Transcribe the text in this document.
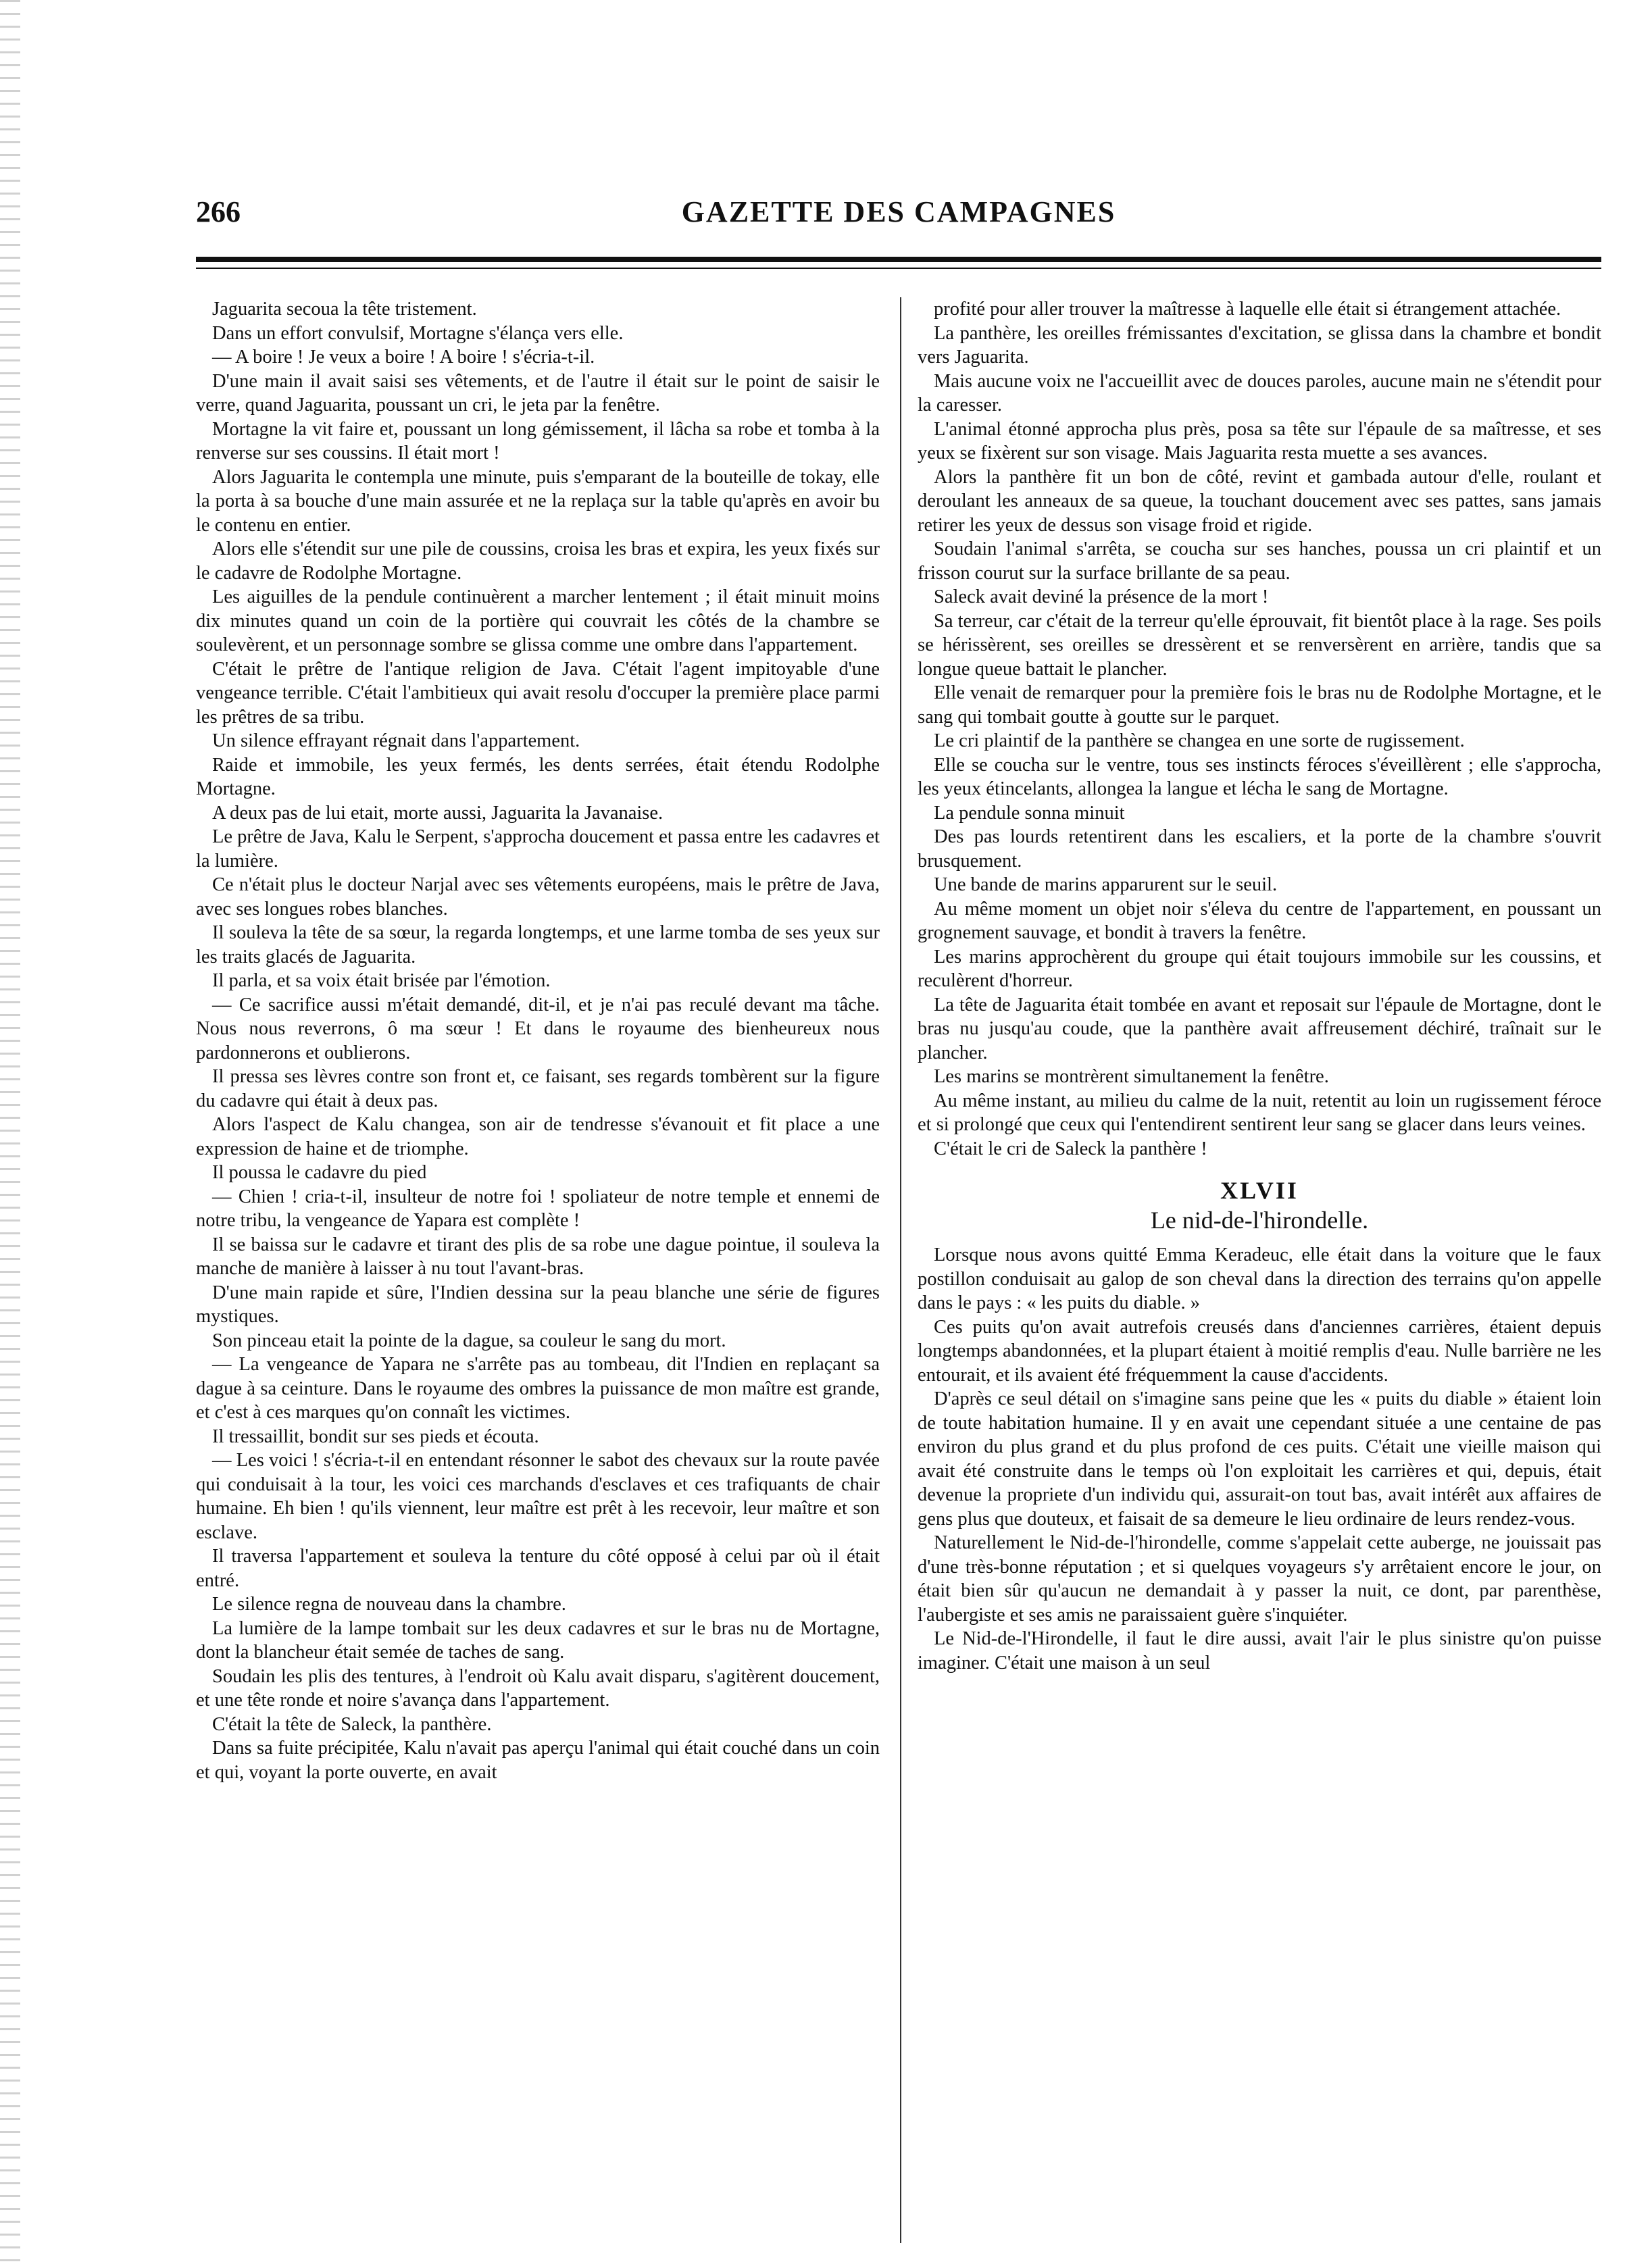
266	GAZETTE DES CAMPAGNES

Jaguarita secoua la tête tristement.

Dans un effort convulsif, Mortagne s'élança vers elle.

— A boire ! Je veux a boire ! A boire ! s'écria-t-il.

D'une main il avait saisi ses vêtements, et de l'autre il était sur le point de saisir le verre, quand Jaguarita, poussant un cri, le jeta par la fenêtre.

Mortagne la vit faire et, poussant un long gémissement, il lâcha sa robe et tomba à la renverse sur ses coussins. Il était mort !

Alors Jaguarita le contempla une minute, puis s'emparant de la bouteille de tokay, elle la porta à sa bouche d'une main assurée et ne la replaça sur la table qu'après en avoir bu le contenu en entier.

Alors elle s'étendit sur une pile de coussins, croisa les bras et expira, les yeux fixés sur le cadavre de Rodolphe Mortagne.

Les aiguilles de la pendule continuèrent a marcher lentement ; il était minuit moins dix minutes quand un coin de la portière qui couvrait les côtés de la chambre se soulevèrent, et un personnage sombre se glissa comme une ombre dans l'appartement.

C'était le prêtre de l'antique religion de Java. C'était l'agent impitoyable d'une vengeance terrible. C'était l'ambitieux qui avait resolu d'occuper la première place parmi les prêtres de sa tribu.

Un silence effrayant régnait dans l'appartement.

Raide et immobile, les yeux fermés, les dents serrées, était étendu Rodolphe Mortagne.

A deux pas de lui etait, morte aussi, Jaguarita la Javanaise.

Le prêtre de Java, Kalu le Serpent, s'approcha doucement et passa entre les cadavres et la lumière.

Ce n'était plus le docteur Narjal avec ses vêtements européens, mais le prêtre de Java, avec ses longues robes blanches.

Il souleva la tête de sa sœur, la regarda longtemps, et une larme tomba de ses yeux sur les traits glacés de Jaguarita.

Il parla, et sa voix était brisée par l'émotion.

— Ce sacrifice aussi m'était demandé, dit-il, et je n'ai pas reculé devant ma tâche. Nous nous reverrons, ô ma sœur ! Et dans le royaume des bienheureux nous pardonnerons et oublierons.

Il pressa ses lèvres contre son front et, ce faisant, ses regards tombèrent sur la figure du cadavre qui était à deux pas.

Alors l'aspect de Kalu changea, son air de tendresse s'évanouit et fit place a une expression de haine et de triomphe.

Il poussa le cadavre du pied

— Chien ! cria-t-il, insulteur de notre foi ! spoliateur de notre temple et ennemi de notre tribu, la vengeance de Yapara est complète !

Il se baissa sur le cadavre et tirant des plis de sa robe une dague pointue, il souleva la manche de manière à laisser à nu tout l'avant-bras.

D'une main rapide et sûre, l'Indien dessina sur la peau blanche une série de figures mystiques.

Son pinceau etait la pointe de la dague, sa couleur le sang du mort.

— La vengeance de Yapara ne s'arrête pas au tombeau, dit l'Indien en replaçant sa dague à sa ceinture. Dans le royaume des ombres la puissance de mon maître est grande, et c'est à ces marques qu'on connaît les victimes.

Il tressaillit, bondit sur ses pieds et écouta.

— Les voici ! s'écria-t-il en entendant résonner le sabot des chevaux sur la route pavée qui conduisait à la tour, les voici ces marchands d'esclaves et ces trafiquants de chair humaine. Eh bien ! qu'ils viennent, leur maître est prêt à les recevoir, leur maître et son esclave.

Il traversa l'appartement et souleva la tenture du côté opposé à celui par où il était entré.

Le silence regna de nouveau dans la chambre.

La lumière de la lampe tombait sur les deux cadavres et sur le bras nu de Mortagne, dont la blancheur était semée de taches de sang.

Soudain les plis des tentures, à l'endroit où Kalu avait disparu, s'agitèrent doucement, et une tête ronde et noire s'avança dans l'appartement.

C'était la tête de Saleck, la panthère.

Dans sa fuite précipitée, Kalu n'avait pas aperçu l'animal qui était couché dans un coin et qui, voyant la porte ouverte, en avait

profité pour aller trouver la maîtresse à laquelle elle était si étrangement attachée.

La panthère, les oreilles frémissantes d'excitation, se glissa dans la chambre et bondit vers Jaguarita.

Mais aucune voix ne l'accueillit avec de douces paroles, aucune main ne s'étendit pour la caresser.

L'animal étonné approcha plus près, posa sa tête sur l'épaule de sa maîtresse, et ses yeux se fixèrent sur son visage. Mais Jaguarita resta muette a ses avances.

Alors la panthère fit un bon de côté, revint et gambada autour d'elle, roulant et deroulant les anneaux de sa queue, la touchant doucement avec ses pattes, sans jamais retirer les yeux de dessus son visage froid et rigide.

Soudain l'animal s'arrêta, se coucha sur ses hanches, poussa un cri plaintif et un frisson courut sur la surface brillante de sa peau.

Saleck avait deviné la présence de la mort !

Sa terreur, car c'était de la terreur qu'elle éprouvait, fit bientôt place à la rage. Ses poils se hérissèrent, ses oreilles se dressèrent et se renversèrent en arrière, tandis que sa longue queue battait le plancher.

Elle venait de remarquer pour la première fois le bras nu de Rodolphe Mortagne, et le sang qui tombait goutte à goutte sur le parquet.

Le cri plaintif de la panthère se changea en une sorte de rugissement.

Elle se coucha sur le ventre, tous ses instincts féroces s'éveillèrent ; elle s'approcha, les yeux étincelants, allongea la langue et lécha le sang de Mortagne.

La pendule sonna minuit

Des pas lourds retentirent dans les escaliers, et la porte de la chambre s'ouvrit brusquement.

Une bande de marins apparurent sur le seuil.

Au même moment un objet noir s'éleva du centre de l'appartement, en poussant un grognement sauvage, et bondit à travers la fenêtre.

Les marins approchèrent du groupe qui était toujours immobile sur les coussins, et reculèrent d'horreur.

La tête de Jaguarita était tombée en avant et reposait sur l'épaule de Mortagne, dont le bras nu jusqu'au coude, que la panthère avait affreusement déchiré, traînait sur le plancher.

Les marins se montrèrent simultanement la fenêtre.

Au même instant, au milieu du calme de la nuit, retentit au loin un rugissement féroce et si prolongé que ceux qui l'entendirent sentirent leur sang se glacer dans leurs veines.

C'était le cri de Saleck la panthère !

XLVII
Le nid-de-l'hirondelle.

Lorsque nous avons quitté Emma Keradeuc, elle était dans la voiture que le faux postillon conduisait au galop de son cheval dans la direction des terrains qu'on appelle dans le pays : « les puits du diable. »

Ces puits qu'on avait autrefois creusés dans d'anciennes carrières, étaient depuis longtemps abandonnées, et la plupart étaient à moitié remplis d'eau. Nulle barrière ne les entourait, et ils avaient été fréquemment la cause d'accidents.

D'après ce seul détail on s'imagine sans peine que les « puits du diable » étaient loin de toute habitation humaine. Il y en avait une cependant située a une centaine de pas environ du plus grand et du plus profond de ces puits. C'était une vieille maison qui avait été construite dans le temps où l'on exploitait les carrières et qui, depuis, était devenue la propriete d'un individu qui, assurait-on tout bas, avait intérêt aux affaires de gens plus que douteux, et faisait de sa demeure le lieu ordinaire de leurs rendez-vous.

Naturellement le Nid-de-l'hirondelle, comme s'appelait cette auberge, ne jouissait pas d'une très-bonne réputation ; et si quelques voyageurs s'y arrêtaient encore le jour, on était bien sûr qu'aucun ne demandait à y passer la nuit, ce dont, par parenthèse, l'aubergiste et ses amis ne paraissaient guère s'inquiéter.

Le Nid-de-l'Hirondelle, il faut le dire aussi, avait l'air le plus sinistre qu'on puisse imaginer. C'était une maison à un seul
